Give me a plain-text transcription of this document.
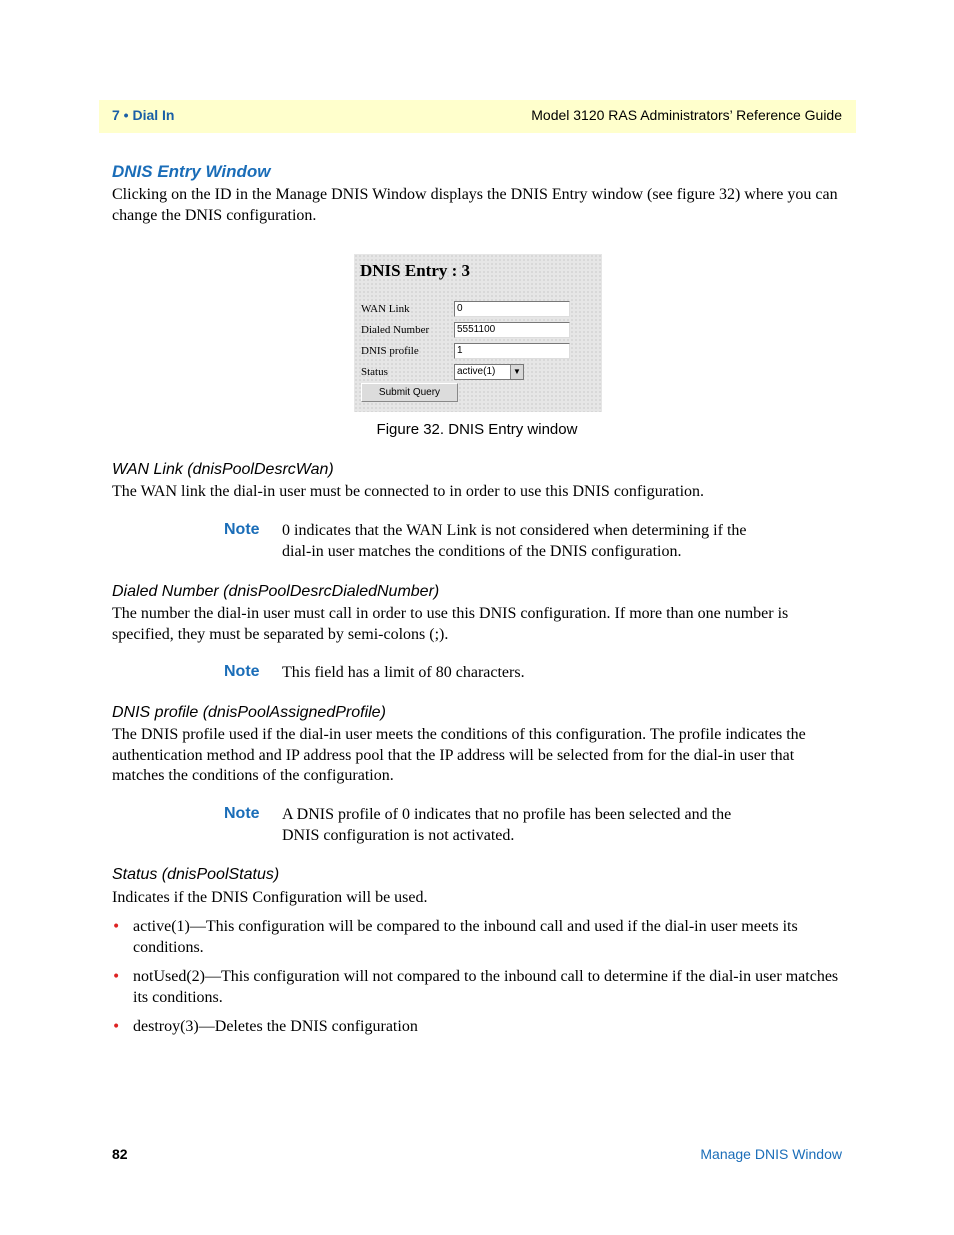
7 • Dial In	Model 3120 RAS Administrators’ Reference Guide
DNIS Entry Window

Clicking on the ID in the Manage DNIS Window displays the DNIS Entry window (see figure 32) where you can change the DNIS configuration.

DNIS Entry : 3
WAN Link	0
Dialed Number	5551100
DNIS profile	1
Status	active(1)	▼
Submit Query
Figure 32. DNIS Entry window
WAN Link (dnisPoolDesrcWan)

The WAN link the dial-in user must be connected to in order to use this DNIS configuration.

Note 0 indicates that the WAN Link is not considered when determining if the dial-in user matches the conditions of the DNIS configuration.

Dialed Number (dnisPoolDesrcDialedNumber)

The number the dial-in user must call in order to use this DNIS configuration. If more than one number is specified, they must be separated by semi-colons (;).

Note This field has a limit of 80 characters.

DNIS profile (dnisPoolAssignedProfile)

The DNIS profile used if the dial-in user meets the conditions of this configuration. The profile indicates the authentication method and IP address pool that the IP address will be selected from for the dial-in user that matches the conditions of the configuration.

Note A DNIS profile of 0 indicates that no profile has been selected and the DNIS configuration is not activated.

Status (dnisPoolStatus)

Indicates if the DNIS Configuration will be used.

• active(1)—This configuration will be compared to the inbound call and used if the dial-in user meets its conditions.

• notUsed(2)—This configuration will not compared to the inbound call to determine if the dial-in user matches its conditions.

• destroy(3)—Deletes the DNIS configuration

82	Manage DNIS Window
